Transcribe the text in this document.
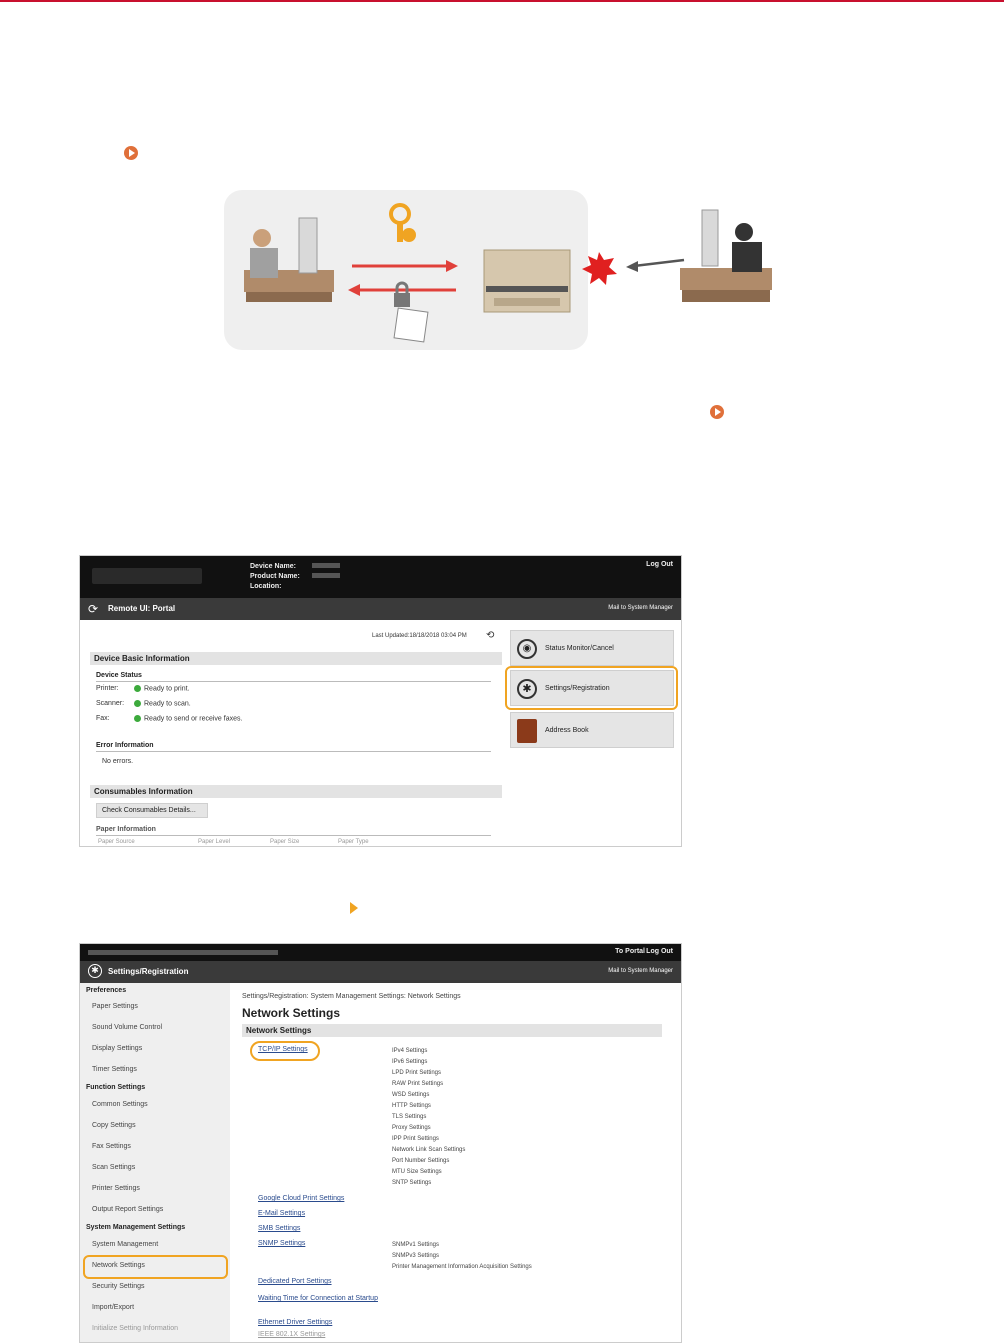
Device Name:
Product Name:
Location:
Log Out
⟳ Remote UI: Portal	Mail to System Manager
Last Updated:18/18/2018 03:04 PM ⟲
Device Basic Information
Device Status
Printer:	Ready to print.
Scanner:	Ready to scan.
Fax:	Ready to send or receive faxes.
Error Information
No errors.
Consumables Information
Check Consumables Details...
Paper Information
Paper Source	Paper Level	Paper Size	Paper Type
◉	Status Monitor/Cancel
✱	Settings/Registration
Address Book
To Portal Log Out
✱	Settings/Registration	Mail to System Manager
Preferences
Paper Settings
Sound Volume Control
Display Settings
Timer Settings
Function Settings
Common Settings
Copy Settings
Fax Settings
Scan Settings
Printer Settings
Output Report Settings
System Management Settings
System Management
Network Settings
Security Settings
Import/Export
Initialize Setting Information
Settings/Registration: System Management Settings: Network Settings
Network Settings
Network Settings
TCP/IP Settings	IPv4 Settings
IPv6 Settings
LPD Print Settings
RAW Print Settings
WSD Settings
HTTP Settings
TLS Settings
Proxy Settings
IPP Print Settings
Network Link Scan Settings
Port Number Settings
MTU Size Settings
SNTP Settings
Google Cloud Print Settings
E-Mail Settings
SMB Settings
SNMP Settings	SNMPv1 Settings
SNMPv3 Settings
Printer Management Information Acquisition Settings
Dedicated Port Settings
Waiting Time for Connection at Startup
Ethernet Driver Settings
IEEE 802.1X Settings
